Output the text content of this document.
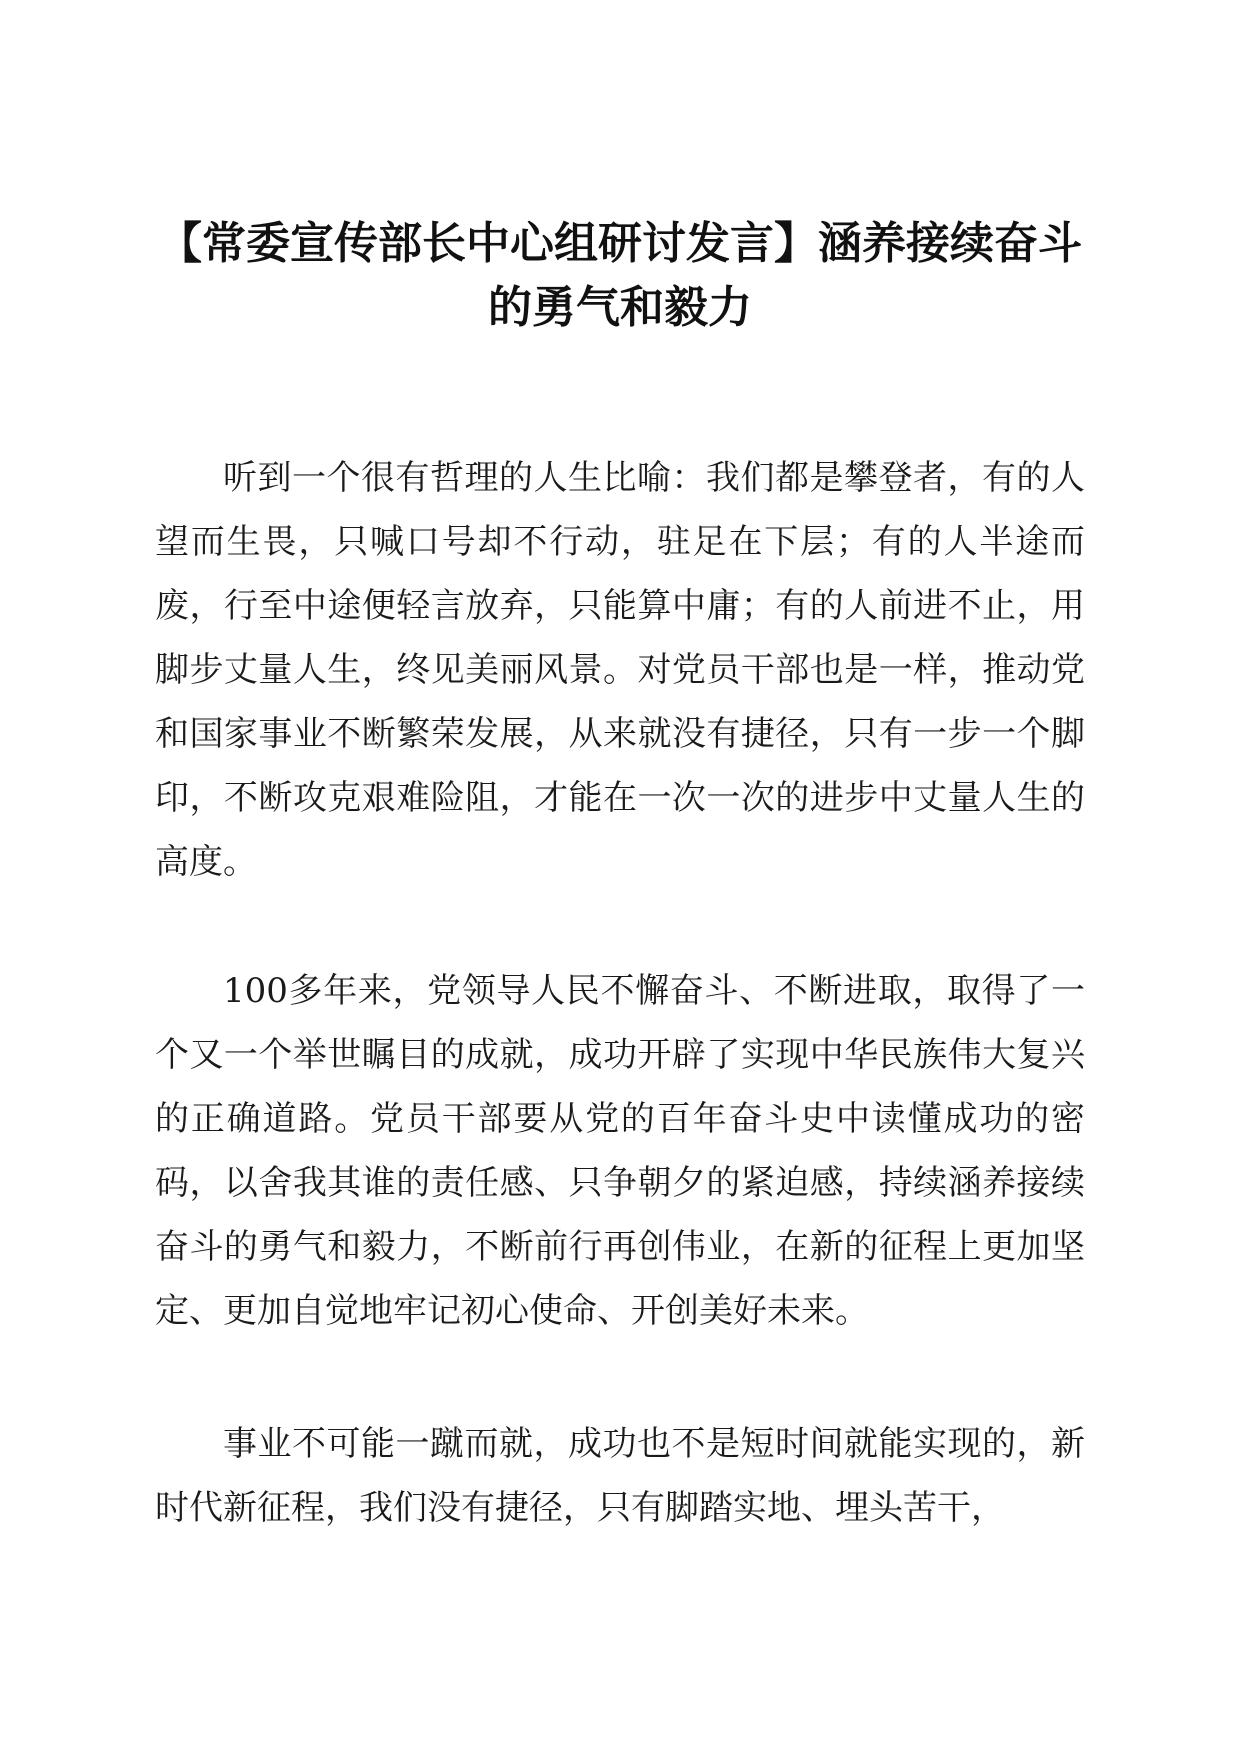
【常委宣传部长中心组研讨发言】涵养接续奋斗的勇气和毅力

听到一个很有哲理的人生比喻：我们都是攀登者，有的人望而生畏，只喊口号却不行动，驻足在下层；有的人半途而废，行至中途便轻言放弃，只能算中庸；有的人前进不止，用脚步丈量人生，终见美丽风景。对党员干部也是一样，推动党和国家事业不断繁荣发展，从来就没有捷径，只有一步一个脚印，不断攻克艰难险阻，才能在一次一次的进步中丈量人生的高度。

100多年来，党领导人民不懈奋斗、不断进取，取得了一个又一个举世瞩目的成就，成功开辟了实现中华民族伟大复兴的正确道路。党员干部要从党的百年奋斗史中读懂成功的密码，以舍我其谁的责任感、只争朝夕的紧迫感，持续涵养接续奋斗的勇气和毅力，不断前行再创伟业，在新的征程上更加坚定、更加自觉地牢记初心使命、开创美好未来。

事业不可能一蹴而就，成功也不是短时间就能实现的，新时代新征程，我们没有捷径，只有脚踏实地、埋头苦干，
